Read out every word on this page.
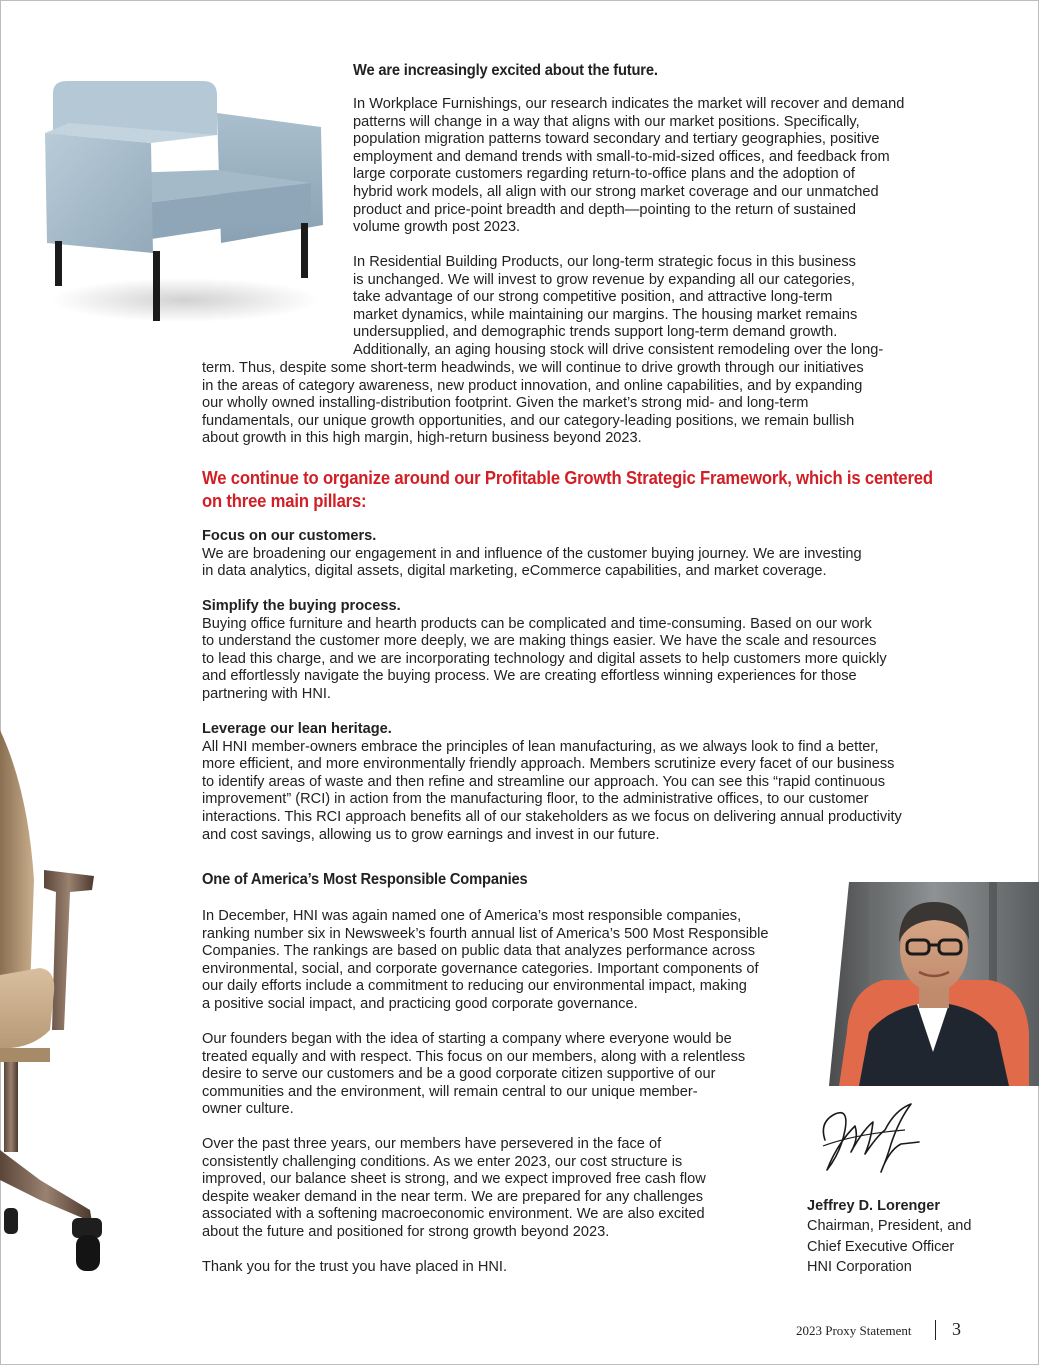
We are increasingly excited about the future.
In Workplace Furnishings, our research indicates the market will recover and demand
patterns will change in a way that aligns with our market positions. Specifically,
population migration patterns toward secondary and tertiary geographies, positive
employment and demand trends with small-to-mid-sized offices, and feedback from
large corporate customers regarding return-to-office plans and the adoption of
hybrid work models, all align with our strong market coverage and our unmatched
product and price-point breadth and depth—pointing to the return of sustained
volume growth post 2023.
In Residential Building Products, our long-term strategic focus in this business
is unchanged. We will invest to grow revenue by expanding all our categories,
take advantage of our strong competitive position, and attractive long-term
market dynamics, while maintaining our margins. The housing market remains
undersupplied, and demographic trends support long-term demand growth.
Additionally, an aging housing stock will drive consistent remodeling over the long-
term. Thus, despite some short-term headwinds, we will continue to drive growth through our initiatives
in the areas of category awareness, new product innovation, and online capabilities, and by expanding
our wholly owned installing-distribution footprint. Given the market’s strong mid- and long-term
fundamentals, our unique growth opportunities, and our category-leading positions, we remain bullish
about growth in this high margin, high-return business beyond 2023.
We continue to organize around our Profitable Growth Strategic Framework, which is centered
on three main pillars:
Focus on our customers.
We are broadening our engagement in and influence of the customer buying journey. We are investing
in data analytics, digital assets, digital marketing, eCommerce capabilities, and market coverage.
Simplify the buying process.
Buying office furniture and hearth products can be complicated and time-consuming. Based on our work
to understand the customer more deeply, we are making things easier. We have the scale and resources
to lead this charge, and we are incorporating technology and digital assets to help customers more quickly
and effortlessly navigate the buying process. We are creating effortless winning experiences for those
partnering with HNI.
Leverage our lean heritage.
All HNI member-owners embrace the principles of lean manufacturing, as we always look to find a better,
more efficient, and more environmentally friendly approach. Members scrutinize every facet of our business
to identify areas of waste and then refine and streamline our approach. You can see this “rapid continuous
improvement” (RCI) in action from the manufacturing floor, to the administrative offices, to our customer
interactions. This RCI approach benefits all of our stakeholders as we focus on delivering annual productivity
and cost savings, allowing us to grow earnings and invest in our future.
One of America’s Most Responsible Companies
In December, HNI was again named one of America’s most responsible companies,
ranking number six in Newsweek’s fourth annual list of America’s 500 Most Responsible
Companies. The rankings are based on public data that analyzes performance across
environmental, social, and corporate governance categories. Important components of
our daily efforts include a commitment to reducing our environmental impact, making
a positive social impact, and practicing good corporate governance.
Our founders began with the idea of starting a company where everyone would be
treated equally and with respect. This focus on our members, along with a relentless
desire to serve our customers and be a good corporate citizen supportive of our
communities and the environment, will remain central to our unique member-
owner culture.
Over the past three years, our members have persevered in the face of
consistently challenging conditions. As we enter 2023, our cost structure is
improved, our balance sheet is strong, and we expect improved free cash flow
despite weaker demand in the near term. We are prepared for any challenges
associated with a softening macroeconomic environment. We are also excited
about the future and positioned for strong growth beyond 2023.
Thank you for the trust you have placed in HNI.
Jeffrey D. Lorenger
Chairman, President, and
Chief Executive Officer
HNI Corporation
2023 Proxy Statement 3
